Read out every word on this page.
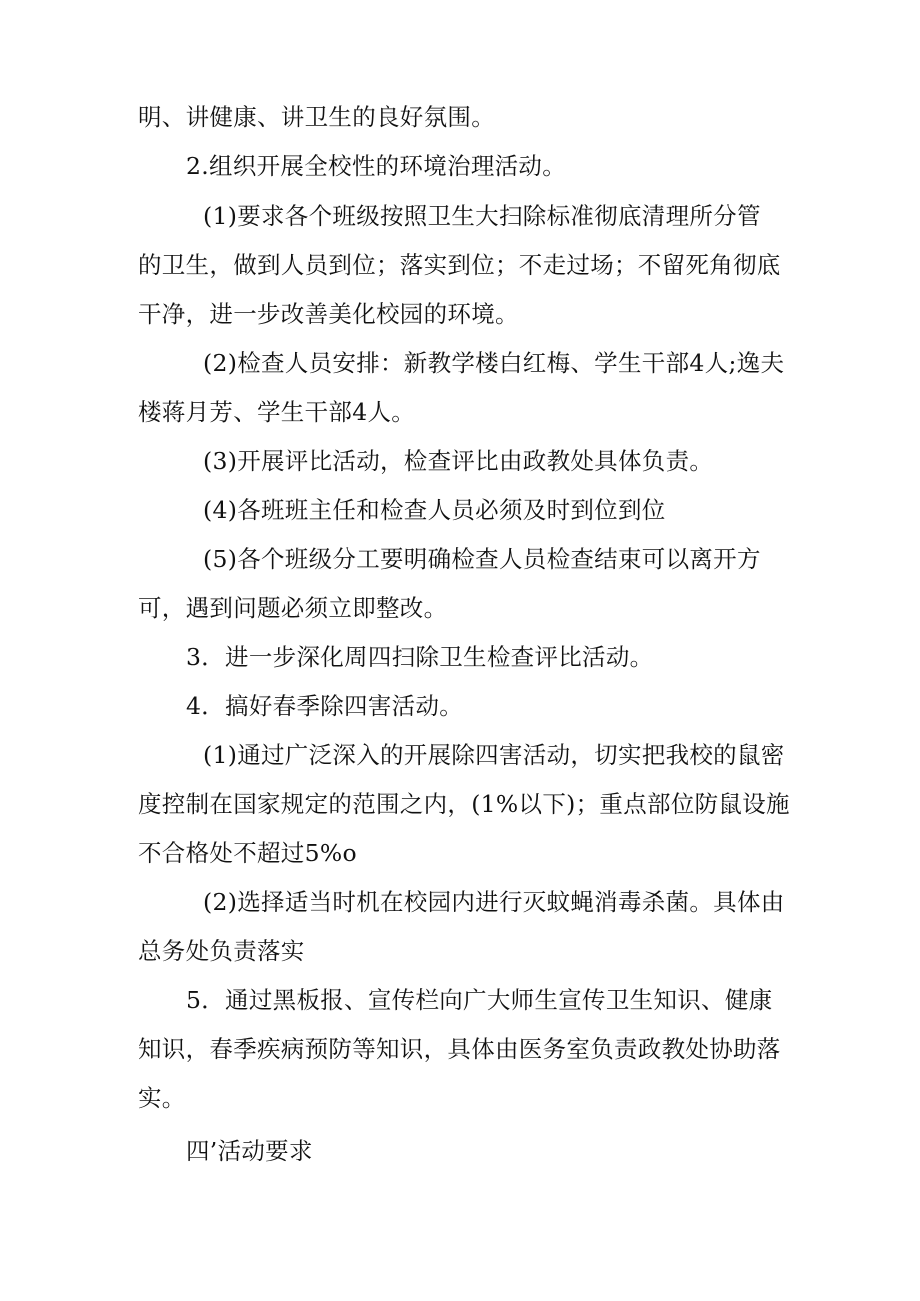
明、讲健康、讲卫生的良好氛围。
2.组织开展全校性的环境治理活动。
(1)要求各个班级按照卫生大扫除标准彻底清理所分管
的卫生，做到人员到位；落实到位；不走过场；不留死角彻底
干净，进一步改善美化校园的环境。
(2)检查人员安排：新教学楼白红梅、学生干部4人;逸夫
楼蒋月芳、学生干部4人。
(3)开展评比活动，检查评比由政教处具体负责。
(4)各班班主任和检查人员必须及时到位到位
(5)各个班级分工要明确检查人员检查结束可以离开方
可，遇到问题必须立即整改。
3．进一步深化周四扫除卫生检查评比活动。
4．搞好春季除四害活动。
(1)通过广泛深入的开展除四害活动，切实把我校的鼠密
度控制在国家规定的范围之内，(1%以下)；重点部位防鼠设施
不合格处不超过5%o
(2)选择适当时机在校园内进行灭蚊蝇消毒杀菌。具体由
总务处负责落实
5．通过黑板报、宣传栏向广大师生宣传卫生知识、健康
知识，春季疾病预防等知识，具体由医务室负责政教处协助落
实。
四’活动要求
